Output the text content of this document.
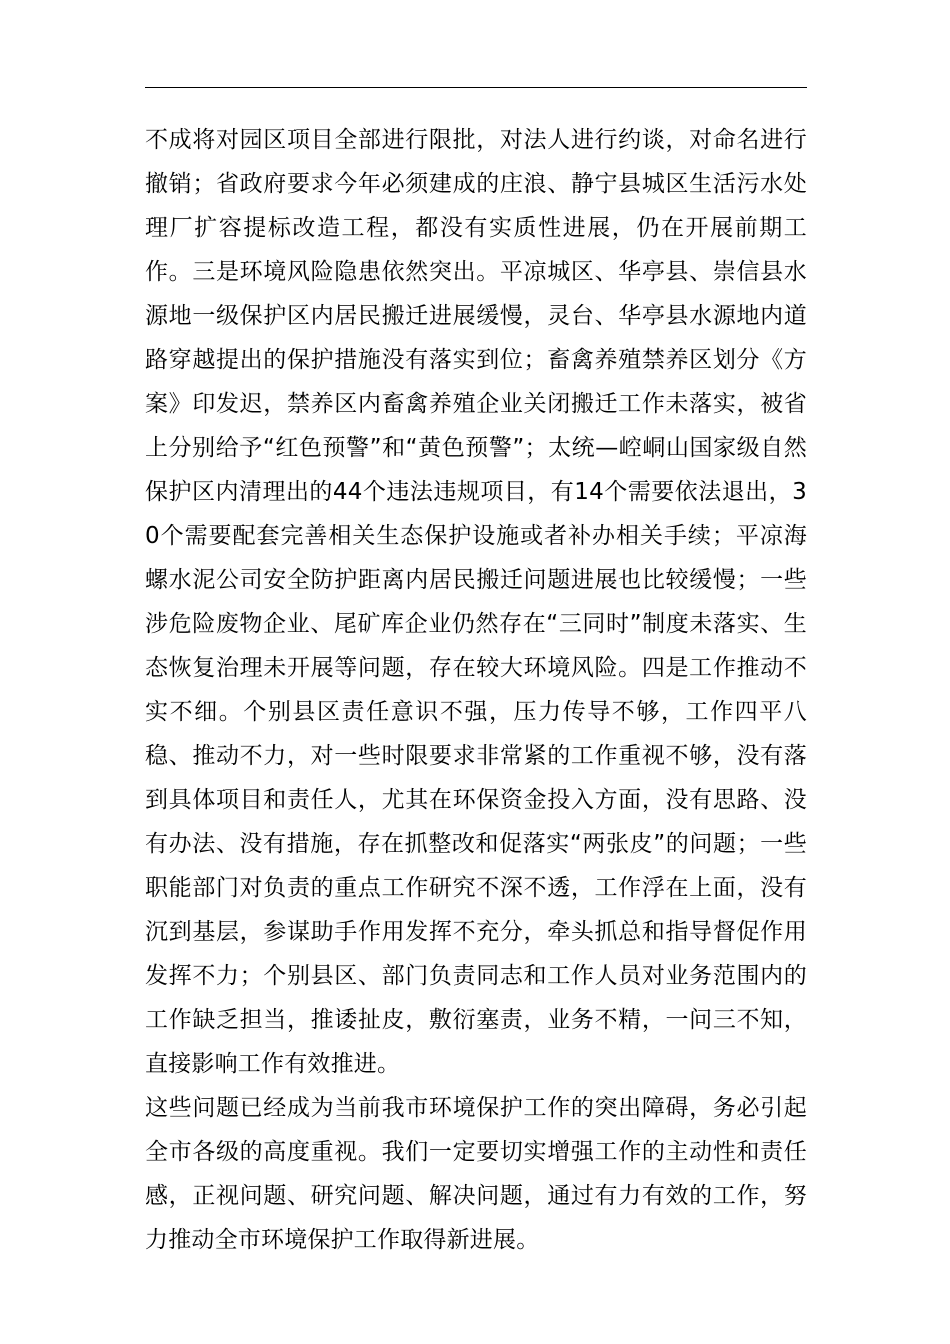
不成将对园区项目全部进行限批，对法人进行约谈，对命名进行撤销；省政府要求今年必须建成的庄浪、静宁县城区生活污水处理厂扩容提标改造工程，都没有实质性进展，仍在开展前期工作。三是环境风险隐患依然突出。平凉城区、华亭县、崇信县水源地一级保护区内居民搬迁进展缓慢，灵台、华亭县水源地内道路穿越提出的保护措施没有落实到位；畜禽养殖禁养区划分《方案》印发迟，禁养区内畜禽养殖企业关闭搬迁工作未落实，被省上分别给予“红色预警”和“黄色预警”；太统—崆峒山国家级自然保护区内清理出的44个违法违规项目，有14个需要依法退出，30个需要配套完善相关生态保护设施或者补办相关手续；平凉海螺水泥公司安全防护距离内居民搬迁问题进展也比较缓慢；一些涉危险废物企业、尾矿库企业仍然存在“三同时”制度未落实、生态恢复治理未开展等问题，存在较大环境风险。四是工作推动不实不细。个别县区责任意识不强，压力传导不够，工作四平八稳、推动不力，对一些时限要求非常紧的工作重视不够，没有落到具体项目和责任人，尤其在环保资金投入方面，没有思路、没有办法、没有措施，存在抓整改和促落实“两张皮”的问题；一些职能部门对负责的重点工作研究不深不透，工作浮在上面，没有沉到基层，参谋助手作用发挥不充分，牵头抓总和指导督促作用发挥不力；个别县区、部门负责同志和工作人员对业务范围内的工作缺乏担当，推诿扯皮，敷衍塞责，业务不精，一问三不知，直接影响工作有效推进。

这些问题已经成为当前我市环境保护工作的突出障碍，务必引起全市各级的高度重视。我们一定要切实增强工作的主动性和责任感，正视问题、研究问题、解决问题，通过有力有效的工作，努力推动全市环境保护工作取得新进展。
